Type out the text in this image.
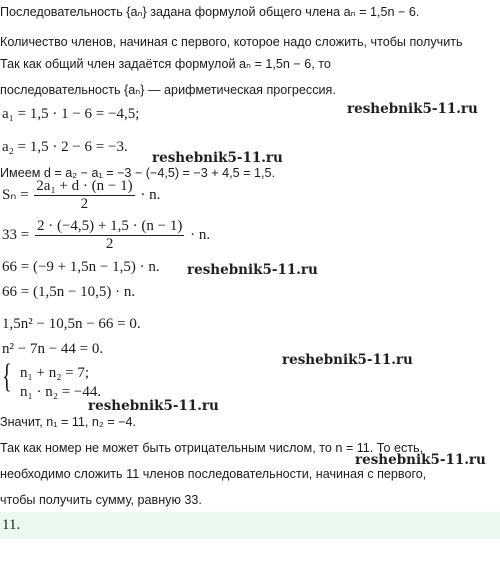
Последовательность {aₙ} задана формулой общего члена aₙ = 1,5n − 6.
Количество членов, начиная с первого, которое надо сложить, чтобы получить
Так как общий член задаётся формулой aₙ = 1,5n − 6, то
последовательность {aₙ} — арифметическая прогрессия.
a₁ = 1,5 · 1 − 6 = −4,5;
a₂ = 1,5 · 2 − 6 = −3.
Имеем d = a₂ − a₁ = −3 − (−4,5) = −3 + 4,5 = 1,5.
$S_n = \frac{\text{2a₁ + d · (n − 1)}}{2} \cdot n$.
$33 = \frac{2 \cdot (-4,5) + 1,5 \cdot (n - 1)}{2} \cdot n$.
66 = (−9 + 1,5n − 1,5) · n.
66 = (1,5n − 10,5) · n.
1,5n² − 10,5n − 66 = 0.
n² − 7n − 44 = 0.
{ n₁ + n₂ = 7;
n₁ · n₂ = −44.
Значит, n₁ = 11, n₂ = −4.
Так как номер не может быть отрицательным числом, то n = 11. То есть,
необходимо сложить 11 членов последовательности, начиная с первого,
чтобы получить сумму, равную 33.
11.
reshebnik5-11.ru
reshebnik5-11.ru
reshebnik5-11.ru
reshebnik5-11.ru
reshebnik5-11.ru
reshebnik5-11.ru
